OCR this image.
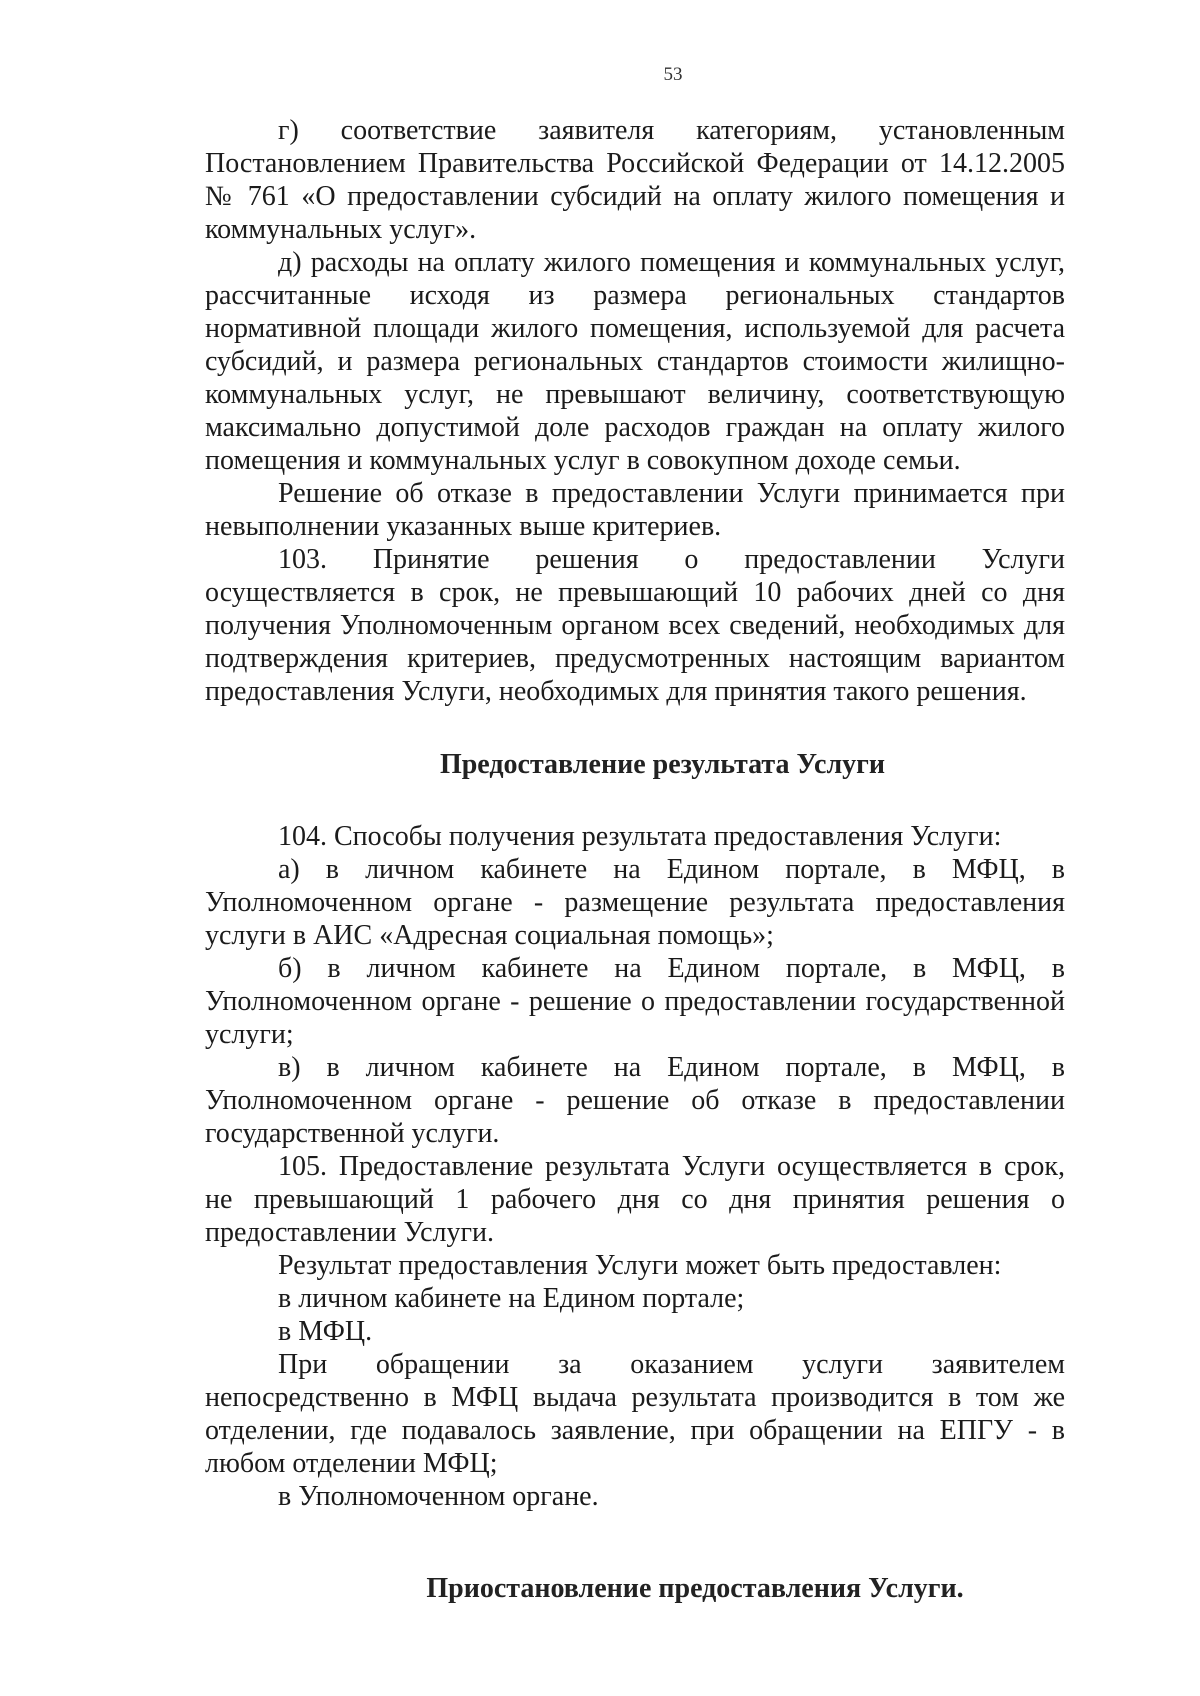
53

г) соответствие заявителя категориям, установленным Постановлением Правительства Российской Федерации от 14.12.2005 № 761 «О предоставлении субсидий на оплату жилого помещения и коммунальных услуг».

д) расходы на оплату жилого помещения и коммунальных услуг, рассчитанные исходя из размера региональных стандартов нормативной площади жилого помещения, используемой для расчета субсидий, и размера региональных стандартов стоимости жилищно-коммунальных услуг, не превышают величину, соответствующую максимально допустимой доле расходов граждан на оплату жилого помещения и коммунальных услуг в совокупном доходе семьи.

Решение об отказе в предоставлении Услуги принимается при невыполнении указанных выше критериев.

103. Принятие решения о предоставлении Услуги осуществляется в срок, не превышающий 10 рабочих дней со дня получения Уполномоченным органом всех сведений, необходимых для подтверждения критериев, предусмотренных настоящим вариантом предоставления Услуги, необходимых для принятия такого решения.

Предоставление результата Услуги

104. Способы получения результата предоставления Услуги:

а) в личном кабинете на Едином портале, в МФЦ, в Уполномоченном органе - размещение результата предоставления услуги в АИС «Адресная социальная помощь»;

б) в личном кабинете на Едином портале, в МФЦ, в Уполномоченном органе - решение о предоставлении государственной услуги;

в) в личном кабинете на Едином портале, в МФЦ, в Уполномоченном органе - решение об отказе в предоставлении государственной услуги.

105. Предоставление результата Услуги осуществляется в срок, не превышающий 1 рабочего дня со дня принятия решения о предоставлении Услуги.

Результат предоставления Услуги может быть предоставлен:

в личном кабинете на Едином портале;

в МФЦ.

При обращении за оказанием услуги заявителем непосредственно в МФЦ выдача результата производится в том же отделении, где подавалось заявление, при обращении на ЕПГУ - в любом отделении МФЦ;

в Уполномоченном органе.

Приостановление предоставления Услуги.
